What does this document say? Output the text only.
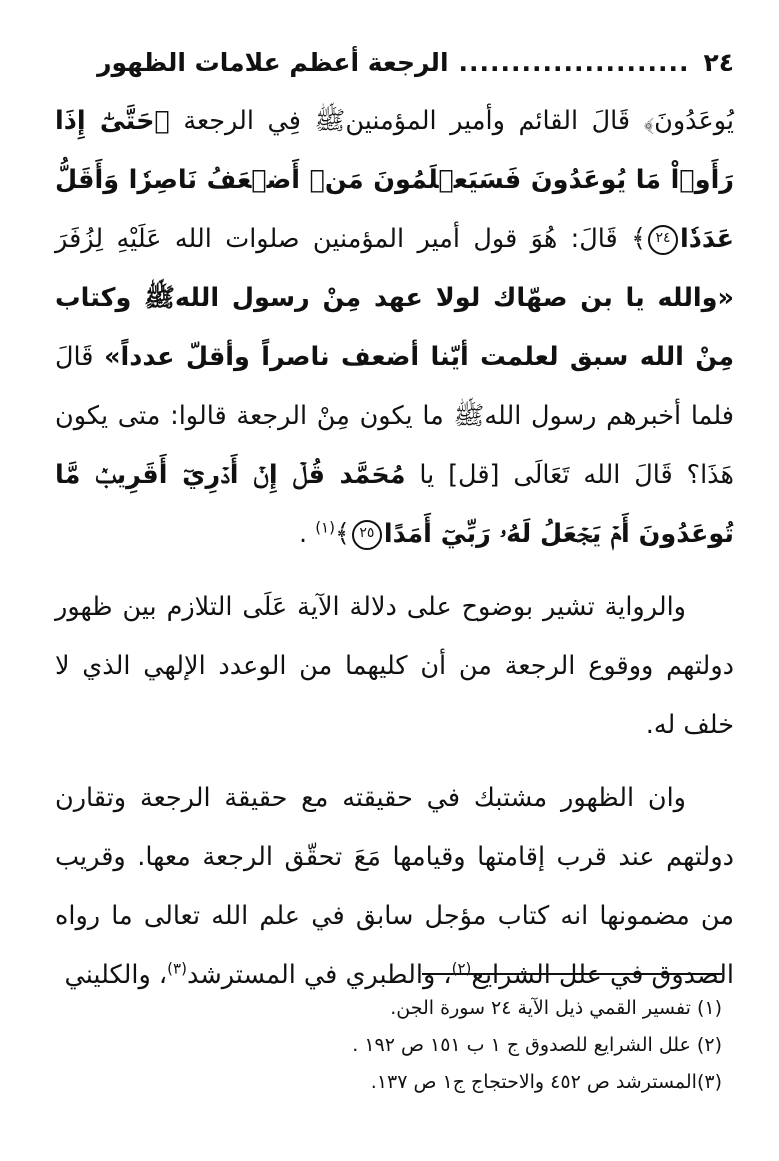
٢٤
......................
الرجعة أعظم علامات الظهور

يُوعَدُونَ﴾ قَالَ القائم وأمير المؤمنينﷺ فِي الرجعة ﴿حَتَّىٰٓ إِذَا رَأَوۡاْ مَا يُوعَدُونَ فَسَيَعۡلَمُونَ مَنۡ أَضۡعَفُ نَاصِرٗا وَأَقَلُّ عَدَدٗا٢٤﴾ قَالَ: هُوَ قول أمير المؤمنين صلوات الله عَلَيْهِ لِزُفَرَ «والله يا بن صهّاك لولا عهد مِنْ رسول اللهﷺ وكتاب مِنْ الله سبق لعلمت أيّنا أضعف ناصراً وأقلّ عدداً» قَالَ فلما أخبرهم رسول اللهﷺ ما يكون مِنْ الرجعة قالوا: متى يكون هَذَا؟ قَالَ الله تَعَالَى [قل] يا مُحَمَّد قُلۡ إِنۡ أَدۡرِيٓ أَقَرِيبٞ مَّا تُوعَدُونَ أَمۡ يَجۡعَلُ لَهُۥ رَبِّيٓ أَمَدًا٢٥﴾$^{(١)}$ .

والرواية تشير بوضوح على دلالة الآية عَلَى التلازم بين ظهور دولتهم ووقوع الرجعة من أن كليهما من الوعدد الإلهي الذي لا خلف له.

وان الظهور مشتبك في حقيقته مع حقيقة الرجعة وتقارن دولتهم عند قرب إقامتها وقيامها مَعَ تحقّق الرجعة معها. وقريب من مضمونها انه كتاب مؤجل سابق في علم الله تعالى ما رواه الصدوق في علل الشرايع$^{(٢)}$، والطبري في المسترشد$^{(٣)}$، والكليني

(١) تفسير القمي ذيل الآية ٢٤ سورة الجن.

(٢) علل الشرايع للصدوق ج ١ ب ١٥١ ص ١٩٢ .

(٣)المسترشد ص ٤٥٢ والاحتجاج ج١ ص ١٣٧.
